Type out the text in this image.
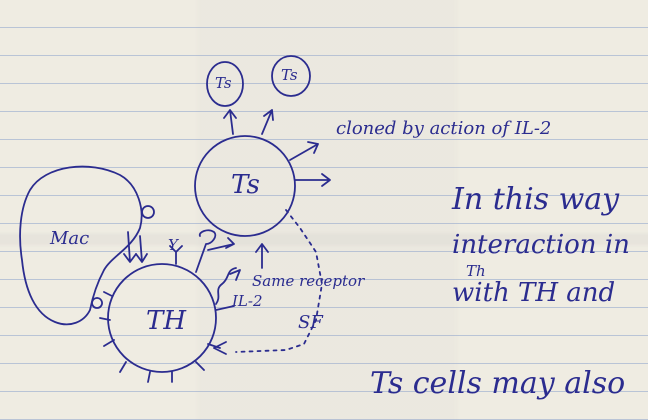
Ts	Ts
Ts
TH
Mac	Y
IL-2
Same receptor
SF
cloned by action of IL-2
In this way
interaction in
Th
with TH and
Ts cells may also
